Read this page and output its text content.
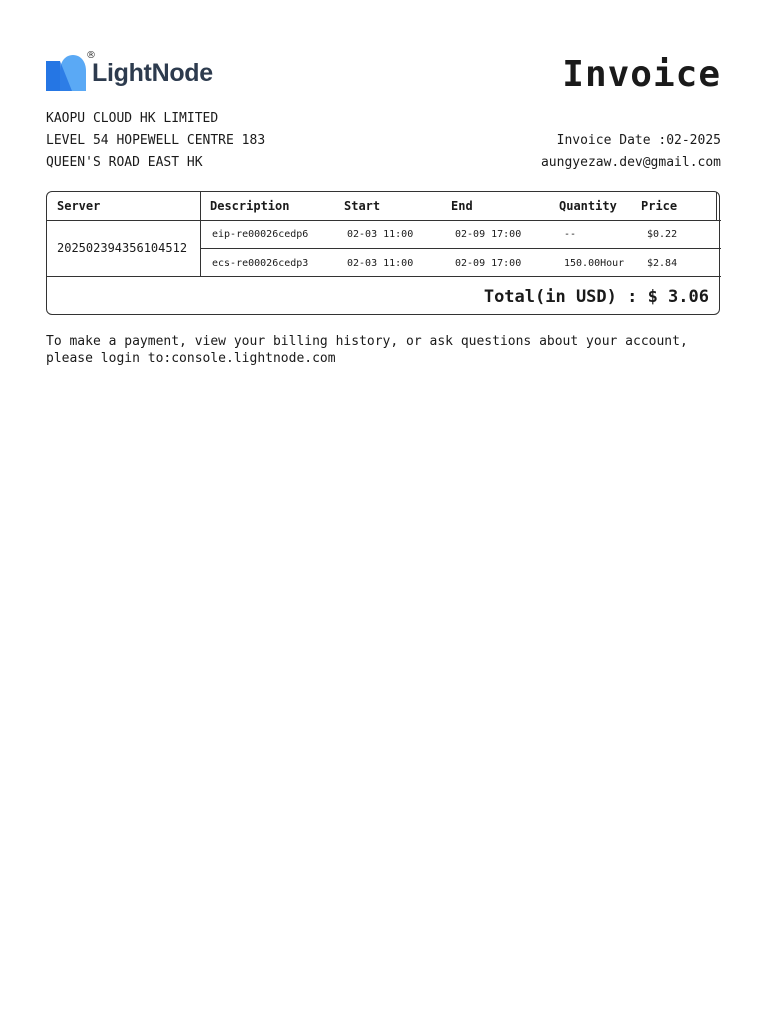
LightNode
®	Invoice
KAOPU CLOUD HK LIMITED
LEVEL 54 HOPEWELL CENTRE 183
QUEEN'S ROAD EAST HK
Invoice Date :02-2025
aungyezaw.dev@gmail.com
Server	Description	Start	End	Quantity Price
202502394356104512
eip-re00026cedp6	02-03 11:00	02-09 17:00	--	$0.22
ecs-re00026cedp3	02-03 11:00	02-09 17:00	150.00Hour $2.84
Total(in USD) : $ 3.06
To make a payment, view your billing history, or ask questions about your account,
please login to:console.lightnode.com
